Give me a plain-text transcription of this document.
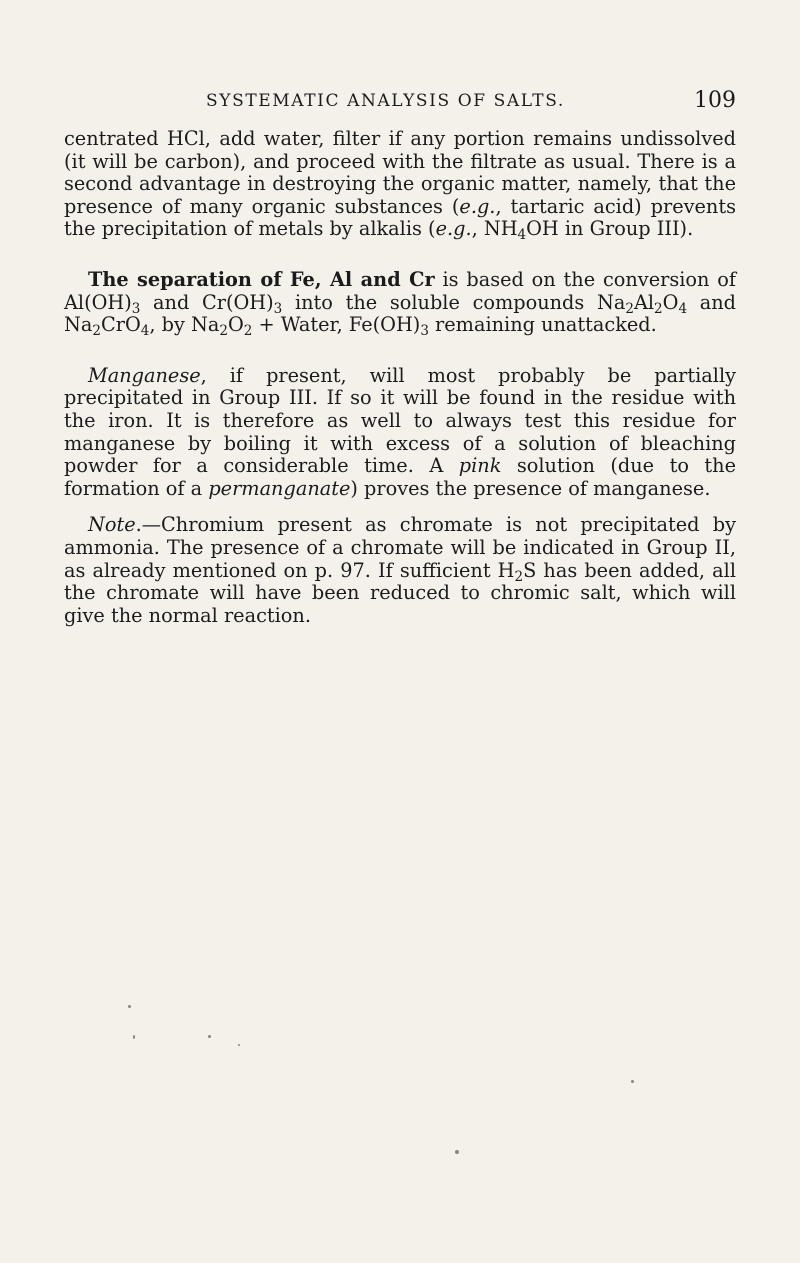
SYSTEMATIC ANALYSIS OF SALTS.	109

centrated HCl, add water, filter if any portion remains undissolved (it will be carbon), and proceed with the filtrate as usual. There is a second advantage in destroying the organic matter, namely, that the presence of many organic substances (e.g., tartaric acid) prevents the precipitation of metals by alkalis (e.g., $NH_4OH$ in Group III).

The separation of Fe, Al and Cr is based on the conversion of $Al(OH)_3$ and $Cr(OH)_3$ into the soluble compounds $Na_2Al_2O_4$ and $Na_2CrO_4$, by $Na_2O_2$ + Water, $Fe(OH)_3$ remaining unattacked.

Manganese, if present, will most probably be partially precipitated in Group III. If so it will be found in the residue with the iron. It is therefore as well to always test this residue for manganese by boiling it with excess of a solution of bleaching powder for a considerable time. A pink solution (due to the formation of a permanganate) proves the presence of manganese.

Note.—Chromium present as chromate is not precipitated by ammonia. The presence of a chromate will be indicated in Group II, as already mentioned on p. 97. If sufficient $H_2S$ has been added, all the chromate will have been reduced to chromic salt, which will give the normal reaction.
